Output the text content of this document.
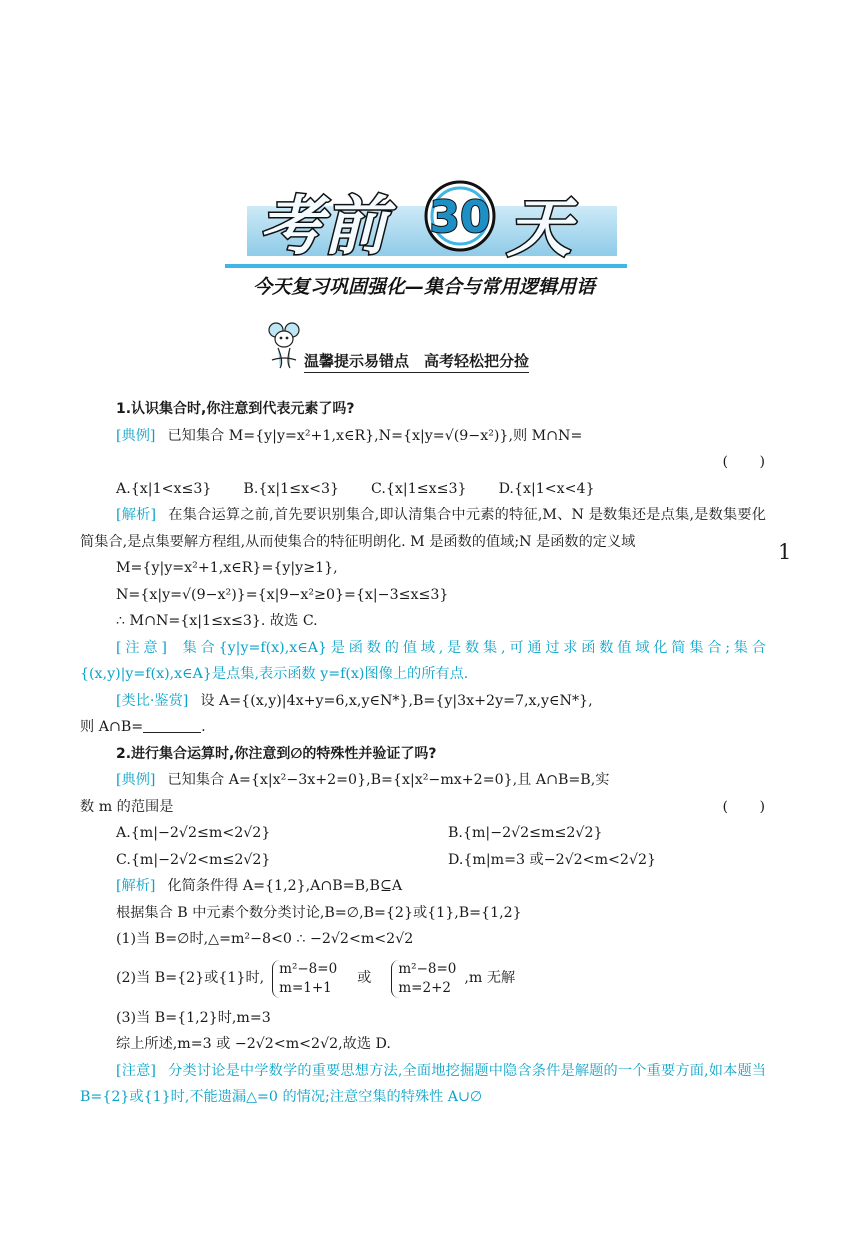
考前 30 天
今天复习巩固强化—集合与常用逻辑用语
温馨提示易错点　高考轻松把分捡
1
1.认识集合时,你注意到代表元素了吗?
[典例] 已知集合 M={y|y=x²+1,x∈R},N={x|y=√(9−x²)},则 M∩N=
(　　)
A.{x|1<x≤3} B.{x|1≤x<3} C.{x|1≤x≤3} D.{x|1<x<4}
[解析] 在集合运算之前,首先要识别集合,即认清集合中元素的特征,M、N 是数集还是点集,是数集要化简集合,是点集要解方程组,从而使集合的特征明朗化. M 是函数的值域;N 是函数的定义域
M={y|y=x²+1,x∈R}={y|y≥1},
N={x|y=√(9−x²)}={x|9−x²≥0}={x|−3≤x≤3}
∴ M∩N={x|1≤x≤3}. 故选 C.
[注意] 集合{y|y=f(x),x∈A}是函数的值域,是数集,可通过求函数值域化简集合;集合{(x,y)|y=f(x),x∈A}是点集,表示函数 y=f(x)图像上的所有点.
[类比·鉴赏] 设 A={(x,y)|4x+y=6,x,y∈N*},B={y|3x+2y=7,x,y∈N*},
则 A∩B=	.
2.进行集合运算时,你注意到∅的特殊性并验证了吗?
[典例] 已知集合 A={x|x²−3x+2=0},B={x|x²−mx+2=0},且 A∩B=B,实
数 m 的范围是	(　　)
A.{m|−2√2≤m<2√2}	B.{m|−2√2≤m≤2√2}
C.{m|−2√2<m≤2√2}	D.{m|m=3 或−2√2<m<2√2}
[解析] 化简条件得 A={1,2},A∩B=B,B⊆A
根据集合 B 中元素个数分类讨论,B=∅,B={2}或{1},B={1,2}
(1)当 B=∅时,△=m²−8<0 ∴ −2√2<m<2√2
(2)当 B={2}或{1}时,
m²−8=0
m=1+1
或
m²−8=0
m=2+2
,m 无解
(3)当 B={1,2}时,m=3
综上所述,m=3 或 −2√2<m<2√2,故选 D.
[注意] 分类讨论是中学数学的重要思想方法,全面地挖掘题中隐含条件是解题的一个重要方面,如本题当 B={2}或{1}时,不能遗漏△=0 的情况;注意空集的特殊性 A∪∅
